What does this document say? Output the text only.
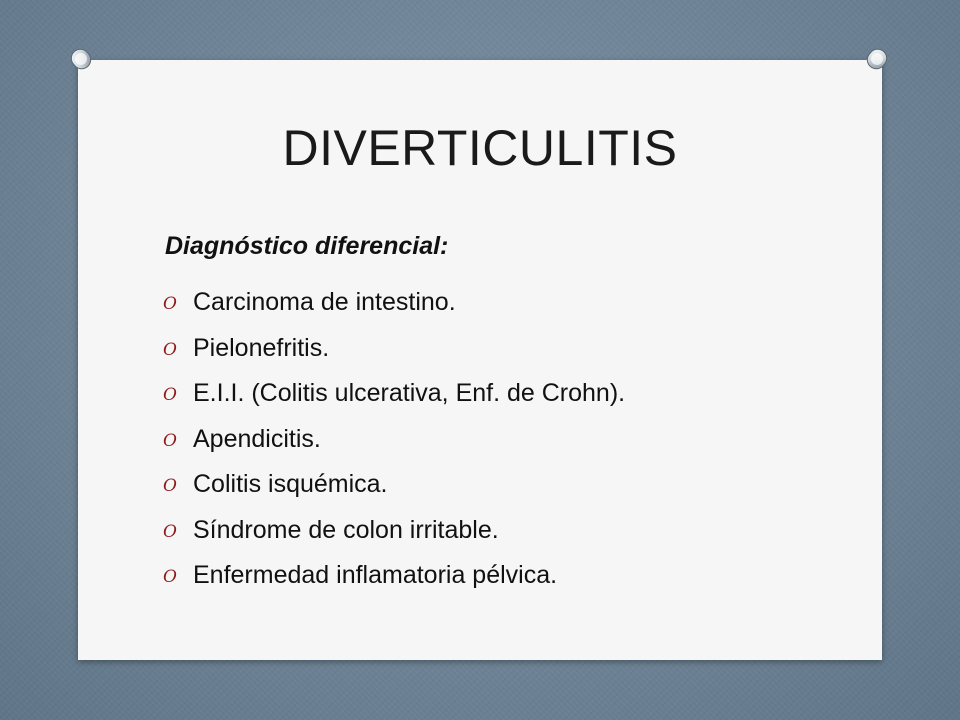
DIVERTICULITIS

Diagnóstico diferencial:

O Carcinoma de intestino.
O Pielonefritis.
O E.I.I. (Colitis ulcerativa, Enf. de Crohn).
O Apendicitis.
O Colitis isquémica.
O Síndrome de colon irritable.
O Enfermedad inflamatoria pélvica.
